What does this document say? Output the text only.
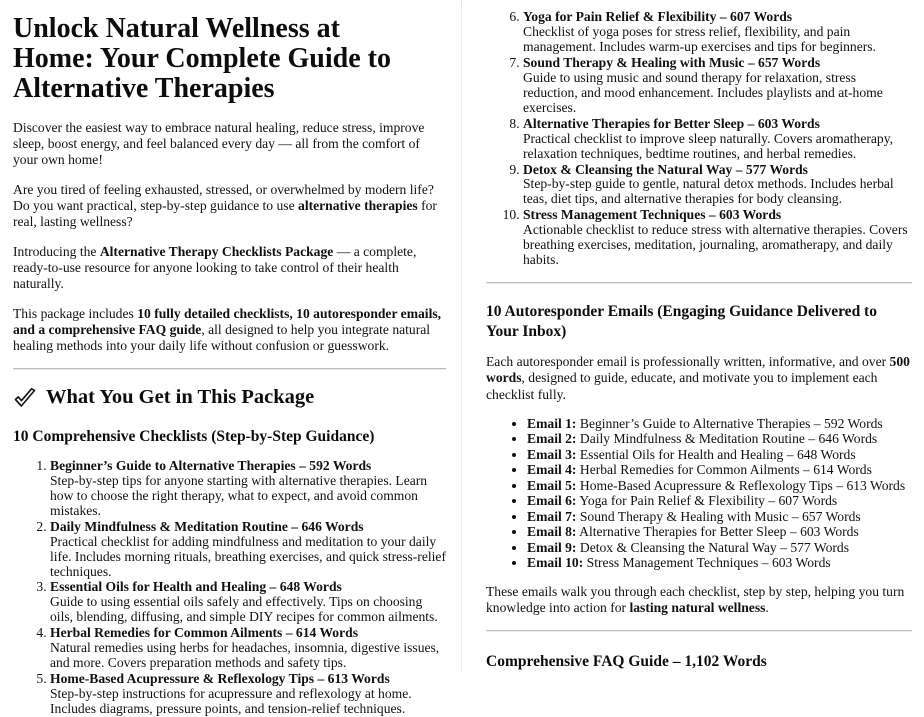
Unlock Natural Wellness at Home: Your Complete Guide to Alternative Therapies

Discover the easiest way to embrace natural healing, reduce stress, improve sleep, boost energy, and feel balanced every day — all from the comfort of your own home!

Are you tired of feeling exhausted, stressed, or overwhelmed by modern life? Do you want practical, step-by-step guidance to use alternative therapies for real, lasting wellness?

Introducing the Alternative Therapy Checklists Package — a complete, ready-to-use resource for anyone looking to take control of their health naturally.

This package includes 10 fully detailed checklists, 10 autoresponder emails, and a comprehensive FAQ guide, all designed to help you integrate natural healing methods into your daily life without confusion or guesswork.

What You Get in This Package
10 Comprehensive Checklists (Step-by-Step Guidance)
1. Beginner’s Guide to Alternative Therapies – 592 Words
Step-by-step tips for anyone starting with alternative therapies. Learn how to choose the right therapy, what to expect, and avoid common mistakes.
2. Daily Mindfulness & Meditation Routine – 646 Words
Practical checklist for adding mindfulness and meditation to your daily life. Includes morning rituals, breathing exercises, and quick stress-relief techniques.
3. Essential Oils for Health and Healing – 648 Words
Guide to using essential oils safely and effectively. Tips on choosing oils, blending, diffusing, and simple DIY recipes for common ailments.
4. Herbal Remedies for Common Ailments – 614 Words
Natural remedies using herbs for headaches, insomnia, digestive issues, and more. Covers preparation methods and safety tips.
5. Home-Based Acupressure & Reflexology Tips – 613 Words
Step-by-step instructions for acupressure and reflexology at home. Includes diagrams, pressure points, and tension-relief techniques.
6. Yoga for Pain Relief & Flexibility – 607 Words
Checklist of yoga poses for stress relief, flexibility, and pain management. Includes warm-up exercises and tips for beginners.
7. Sound Therapy & Healing with Music – 657 Words
Guide to using music and sound therapy for relaxation, stress reduction, and mood enhancement. Includes playlists and at-home exercises.
8. Alternative Therapies for Better Sleep – 603 Words
Practical checklist to improve sleep naturally. Covers aromatherapy, relaxation techniques, bedtime routines, and herbal remedies.
9. Detox & Cleansing the Natural Way – 577 Words
Step-by-step guide to gentle, natural detox methods. Includes herbal teas, diet tips, and alternative therapies for body cleansing.
10. Stress Management Techniques – 603 Words
Actionable checklist to reduce stress with alternative therapies. Covers breathing exercises, meditation, journaling, aromatherapy, and daily habits.
10 Autoresponder Emails (Engaging Guidance Delivered to Your Inbox)

Each autoresponder email is professionally written, informative, and over 500 words, designed to guide, educate, and motivate you to implement each checklist fully.

• Email 1: Beginner’s Guide to Alternative Therapies – 592 Words
• Email 2: Daily Mindfulness & Meditation Routine – 646 Words
• Email 3: Essential Oils for Health and Healing – 648 Words
• Email 4: Herbal Remedies for Common Ailments – 614 Words
• Email 5: Home-Based Acupressure & Reflexology Tips – 613 Words
• Email 6: Yoga for Pain Relief & Flexibility – 607 Words
• Email 7: Sound Therapy & Healing with Music – 657 Words
• Email 8: Alternative Therapies for Better Sleep – 603 Words
• Email 9: Detox & Cleansing the Natural Way – 577 Words
• Email 10: Stress Management Techniques – 603 Words

These emails walk you through each checklist, step by step, helping you turn knowledge into action for lasting natural wellness.

Comprehensive FAQ Guide – 1,102 Words
